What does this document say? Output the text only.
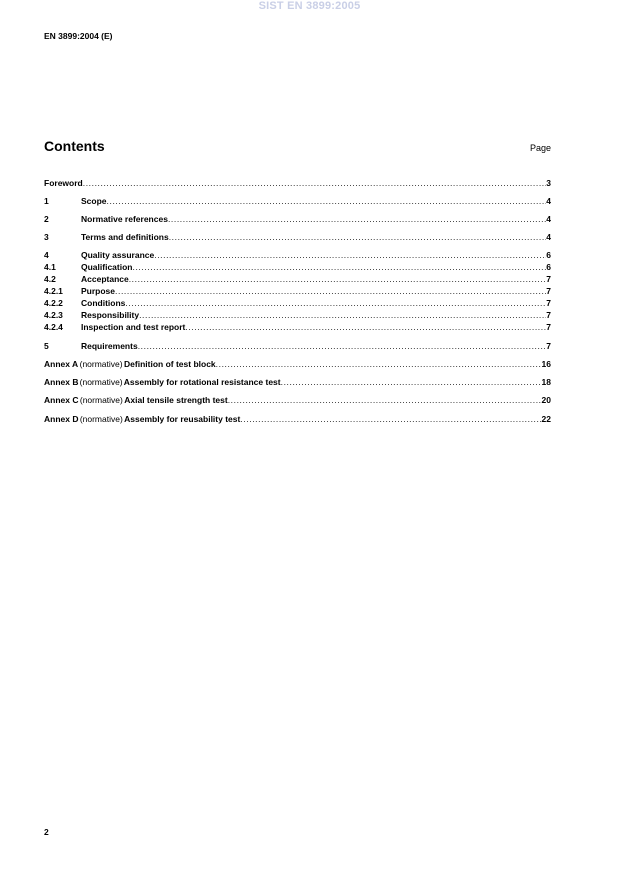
SIST EN 3899:2005
EN 3899:2004 (E)
Contents	Page
Foreword .....	3
1	Scope .....	4
2	Normative references .....	4
3	Terms and definitions .....	4
4	Quality assurance .....	6
4.1	Qualification .....	6
4.2	Acceptance .....	7
4.2.1	Purpose .....	7
4.2.2	Conditions .....	7
4.2.3	Responsibility .....	7
4.2.4	Inspection and test report .....	7
5	Requirements .....	7
Annex A (normative) Definition of test block .....	16
Annex B (normative) Assembly for rotational resistance test .....	18
Annex C (normative) Axial tensile strength test .....	20
Annex D (normative) Assembly for reusability test .....	22
2
